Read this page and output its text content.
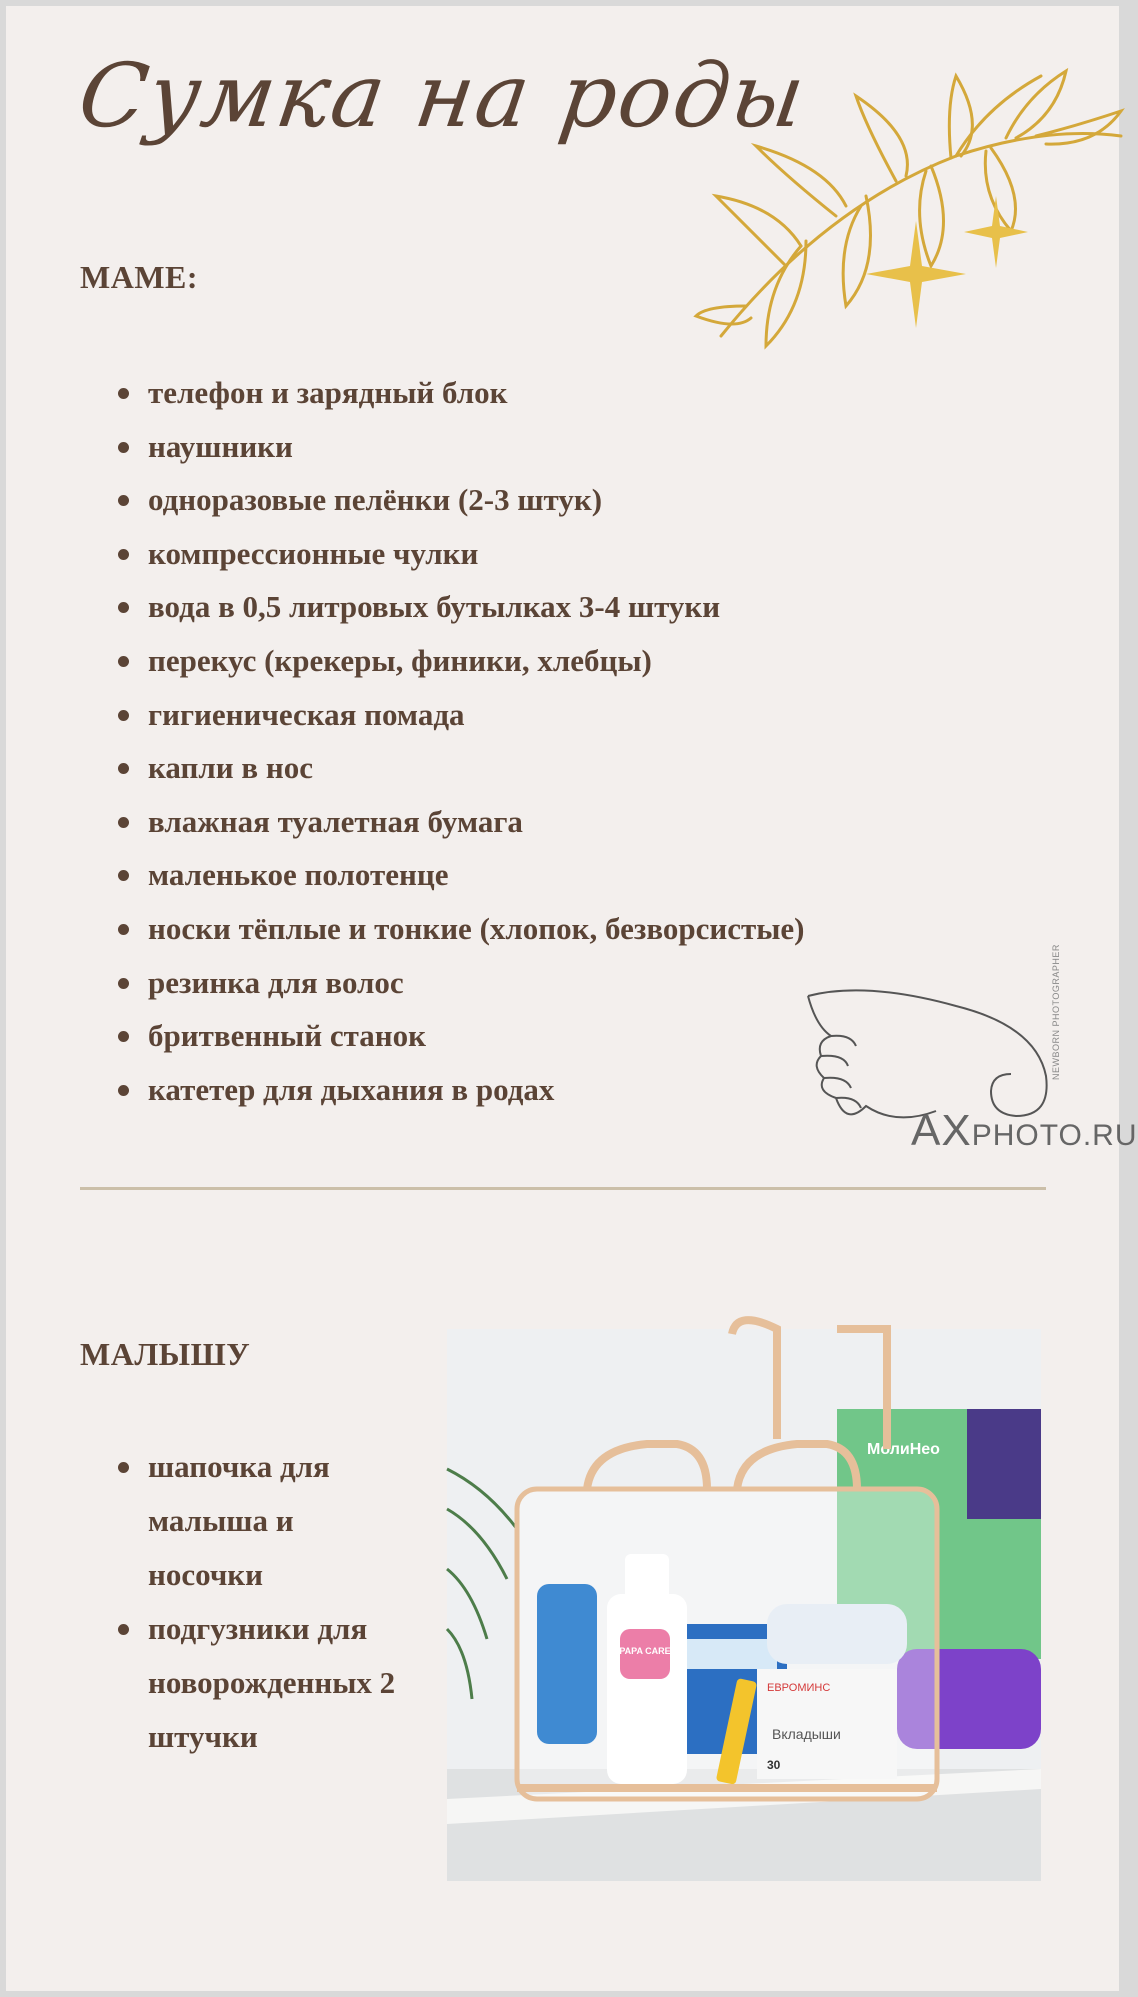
Сумка на роды
МАМЕ:
телефон и зарядный блок
наушники
одноразовые пелёнки (2-3 штук)
компрессионные чулки
вода в 0,5 литровых бутылках 3-4 штуки
перекус (крекеры, финики, хлебцы)
гигиеническая помада
капли в нос
влажная туалетная бумага
маленькое полотенце
носки тёплые и тонкие (хлопок, безворсистые)
резинка для волос
бритвенный станок
катетер для дыхания в родах
AXPHOTO.RU
NEWBORN PHOTOGRAPHER
МАЛЫШУ
шапочка для малыша и носочки
подгузники для новорожденных 2 штучки
МолиНео
PAPA CARE
ЕВРОМИНС
Вкладыши
30
